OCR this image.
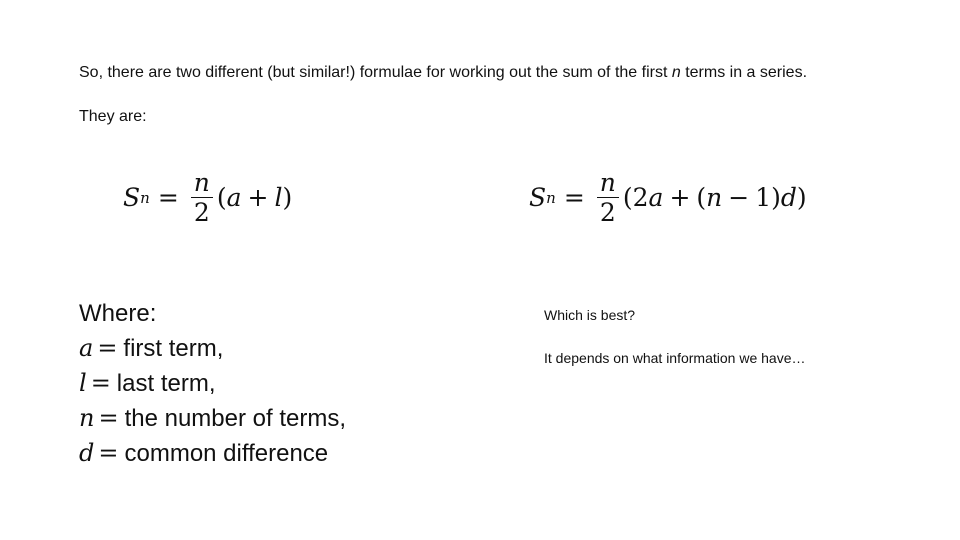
So, there are two different (but similar!) formulae for working out the sum of the first n terms in a series.
They are:
S $n = \frac{n}{2}$ ( a + l )	S $n = \frac{n}{2} (2$ a + ( n − 1) d )
Where:
a = first term,
l = last term,
n = the number of terms,
d = common difference
Which is best?
It depends on what information we have…
